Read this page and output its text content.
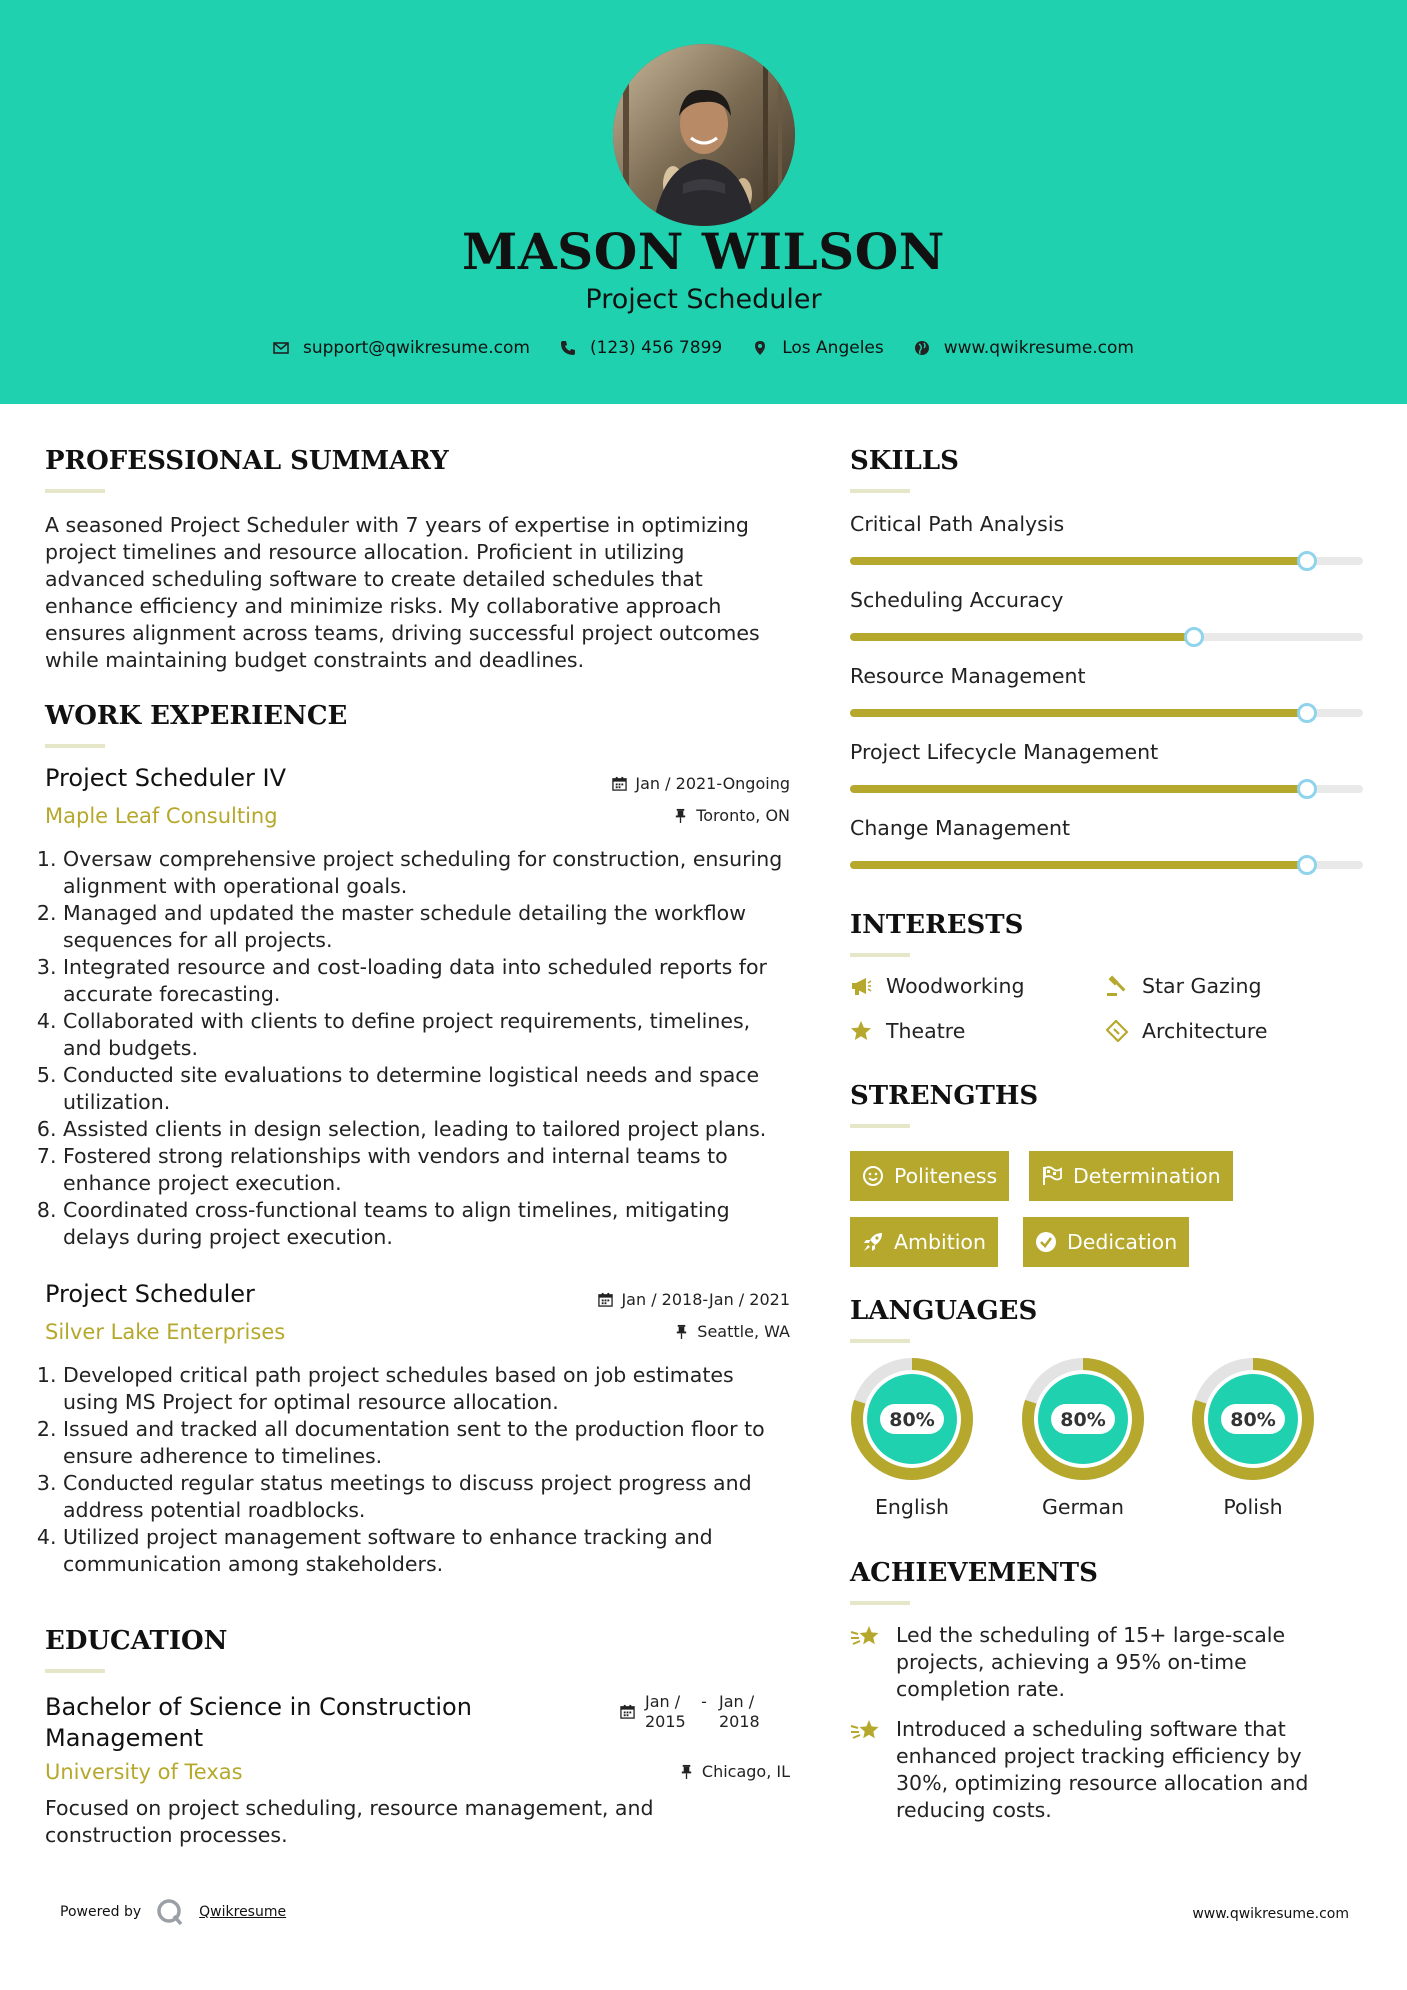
MASON WILSON
Project Scheduler
support@qwikresume.com	(123) 456 7899	Los Angeles	www.qwikresume.com
PROFESSIONAL SUMMARY
A seasoned Project Scheduler with 7 years of expertise in optimizing project timelines and resource allocation. Proficient in utilizing advanced scheduling software to create detailed schedules that enhance efficiency and minimize risks. My collaborative approach ensures alignment across teams, driving successful project outcomes while maintaining budget constraints and deadlines.
WORK EXPERIENCE
Project Scheduler IV	Jan / 2021-Ongoing
Maple Leaf Consulting	Toronto, ON
1. Oversaw comprehensive project scheduling for construction, ensuring alignment with operational goals.
2. Managed and updated the master schedule detailing the workflow sequences for all projects.
3. Integrated resource and cost-loading data into scheduled reports for accurate forecasting.
4. Collaborated with clients to define project requirements, timelines, and budgets.
5. Conducted site evaluations to determine logistical needs and space utilization.
6. Assisted clients in design selection, leading to tailored project plans.
7. Fostered strong relationships with vendors and internal teams to enhance project execution.
8. Coordinated cross-functional teams to align timelines, mitigating delays during project execution.
Project Scheduler	Jan / 2018-Jan / 2021
Silver Lake Enterprises	Seattle, WA
1. Developed critical path project schedules based on job estimates using MS Project for optimal resource allocation.
2. Issued and tracked all documentation sent to the production floor to ensure adherence to timelines.
3. Conducted regular status meetings to discuss project progress and address potential roadblocks.
4. Utilized project management software to enhance tracking and communication among stakeholders.
EDUCATION
Bachelor of Science in Construction Management
Jan / 2015
- Jan / 2018
University of Texas	Chicago, IL
Focused on project scheduling, resource management, and construction processes.
SKILLS
Critical Path Analysis
Scheduling Accuracy
Resource Management
Project Lifecycle Management
Change Management
INTERESTS
Woodworking	Star Gazing
Theatre	Architecture
STRENGTHS
Politeness	Determination
Ambition	Dedication
LANGUAGES
80%
English
80%
German
80%
Polish
ACHIEVEMENTS
Led the scheduling of 15+ large-scale projects, achieving a 95% on-time completion rate.
Introduced a scheduling software that enhanced project tracking efficiency by 30%, optimizing resource allocation and reducing costs.
Powered by	Qwikresume	www.qwikresume.com
